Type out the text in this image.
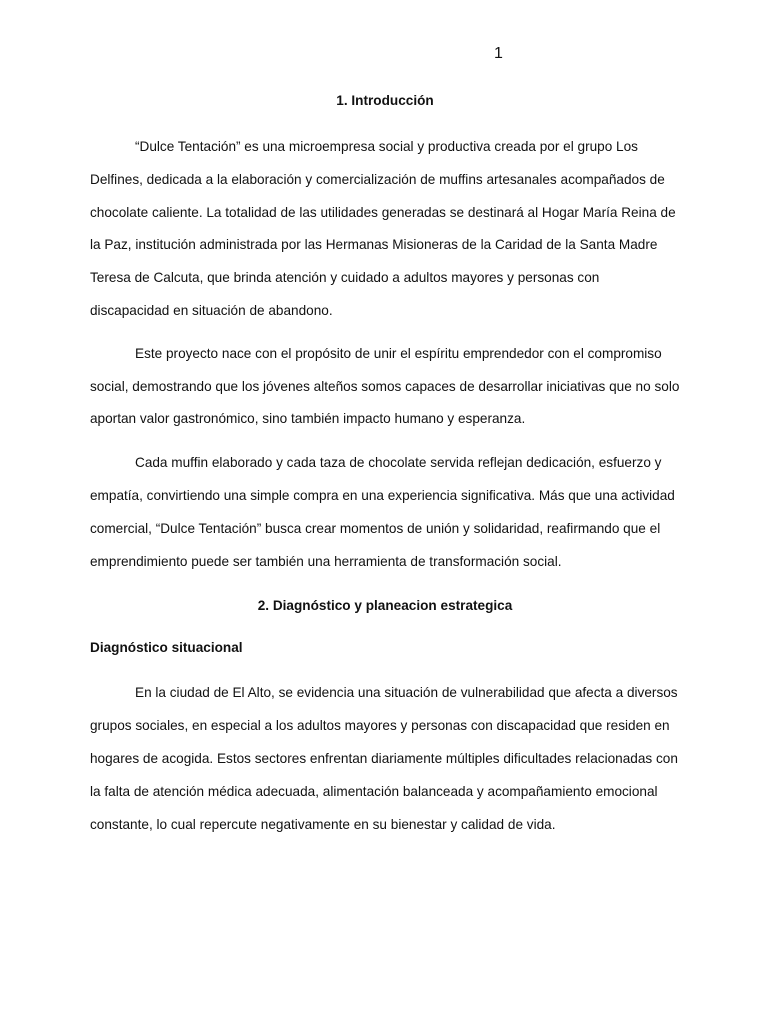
1

1. Introducción

“Dulce Tentación” es una microempresa social y productiva creada por el grupo Los Delfines, dedicada a la elaboración y comercialización de muffins artesanales acompañados de chocolate caliente. La totalidad de las utilidades generadas se destinará al Hogar María Reina de la Paz, institución administrada por las Hermanas Misioneras de la Caridad de la Santa Madre Teresa de Calcuta, que brinda atención y cuidado a adultos mayores y personas con discapacidad en situación de abandono.

Este proyecto nace con el propósito de unir el espíritu emprendedor con el compromiso social, demostrando que los jóvenes alteños somos capaces de desarrollar iniciativas que no solo aportan valor gastronómico, sino también impacto humano y esperanza.

Cada muffin elaborado y cada taza de chocolate servida reflejan dedicación, esfuerzo y empatía, convirtiendo una simple compra en una experiencia significativa. Más que una actividad comercial, “Dulce Tentación” busca crear momentos de unión y solidaridad, reafirmando que el emprendimiento puede ser también una herramienta de transformación social.

2. Diagnóstico y planeacion estrategica

Diagnóstico situacional

En la ciudad de El Alto, se evidencia una situación de vulnerabilidad que afecta a diversos grupos sociales, en especial a los adultos mayores y personas con discapacidad que residen en hogares de acogida. Estos sectores enfrentan diariamente múltiples dificultades relacionadas con la falta de atención médica adecuada, alimentación balanceada y acompañamiento emocional constante, lo cual repercute negativamente en su bienestar y calidad de vida.
